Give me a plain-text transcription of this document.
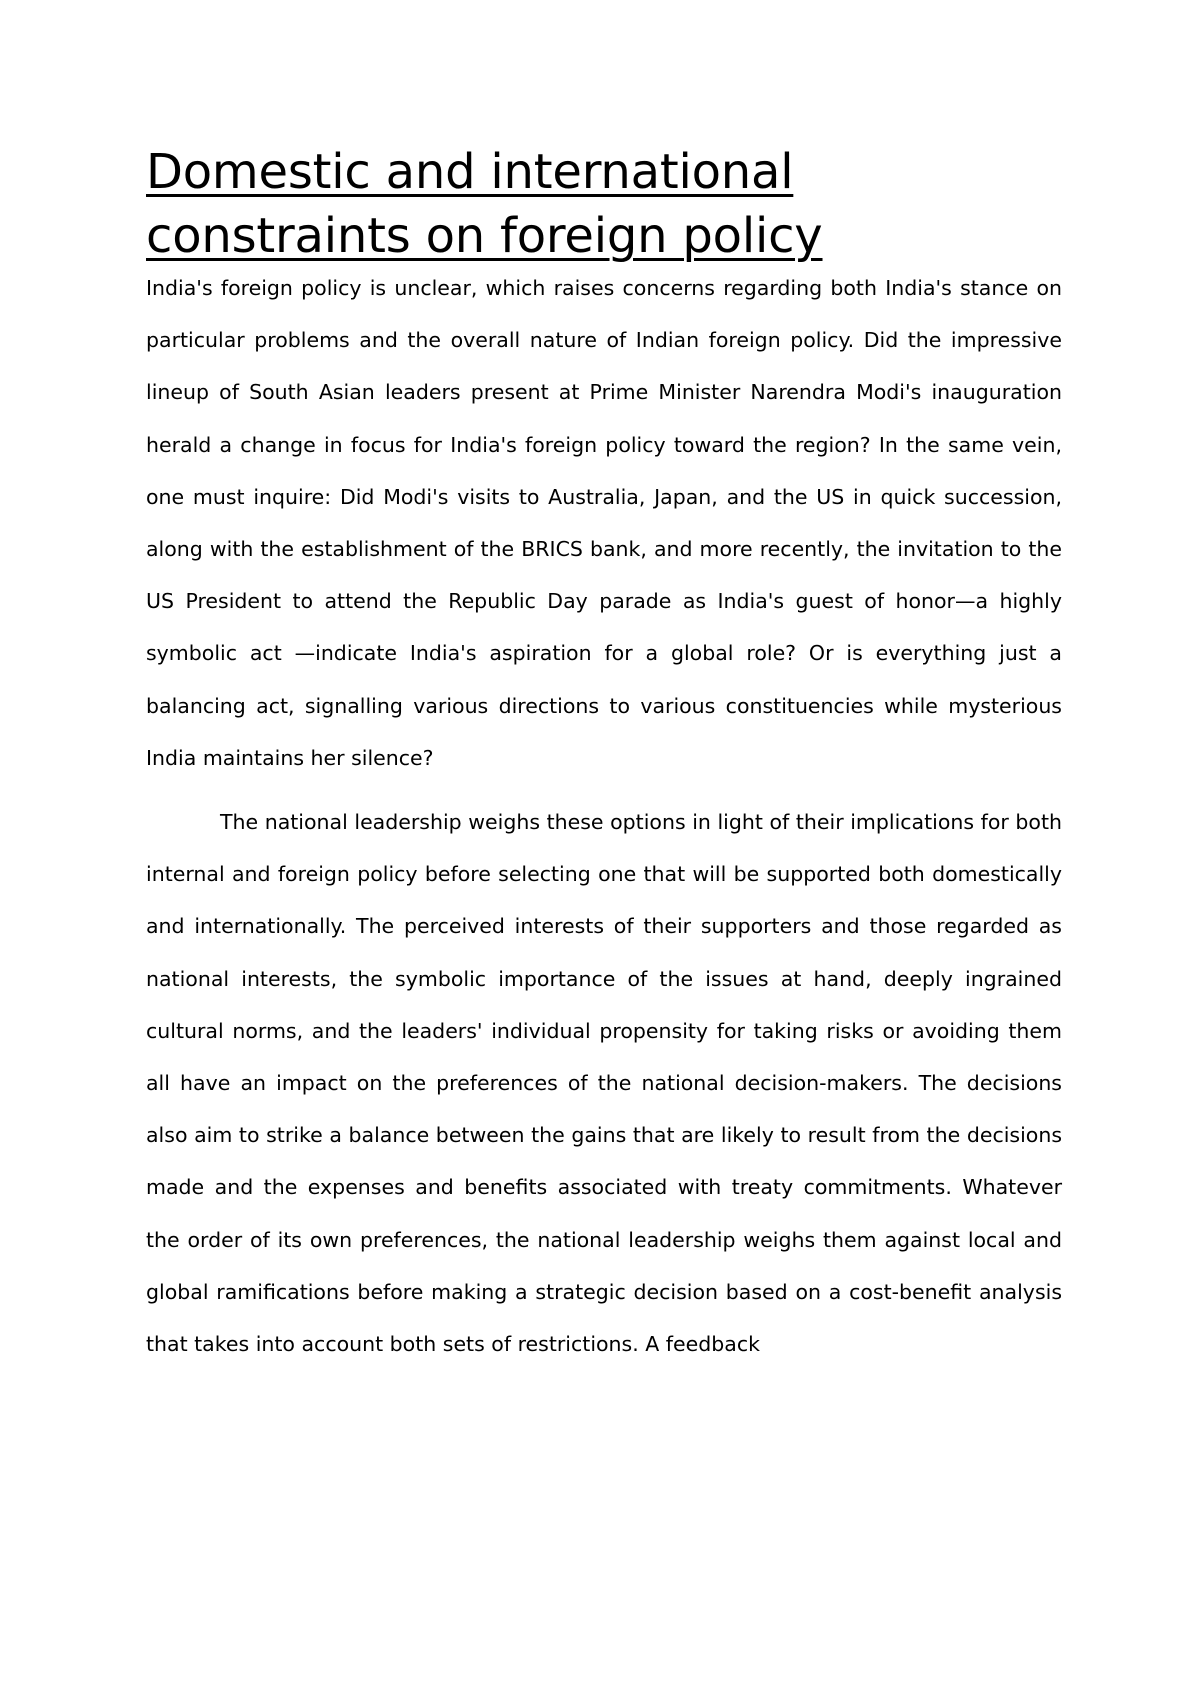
Domestic and international constraints on foreign policy

India's foreign policy is unclear, which raises concerns regarding both India's stance on particular problems and the overall nature of Indian foreign policy. Did the impressive lineup of South Asian leaders present at Prime Minister Narendra Modi's inauguration herald a change in focus for India's foreign policy toward the region? In the same vein, one must inquire: Did Modi's visits to Australia, Japan, and the US in quick succession, along with the establishment of the BRICS bank, and more recently, the invitation to the US President to attend the Republic Day parade as India's guest of honor—a highly symbolic act —indicate India's aspiration for a global role? Or is everything just a balancing act, signalling various directions to various constituencies while mysterious India maintains her silence?

The national leadership weighs these options in light of their implications for both internal and foreign policy before selecting one that will be supported both domestically and internationally. The perceived interests of their supporters and those regarded as national interests, the symbolic importance of the issues at hand, deeply ingrained cultural norms, and the leaders' individual propensity for taking risks or avoiding them all have an impact on the preferences of the national decision-makers. The decisions also aim to strike a balance between the gains that are likely to result from the decisions made and the expenses and benefits associated with treaty commitments. Whatever the order of its own preferences, the national leadership weighs them against local and global ramifications before making a strategic decision based on a cost-benefit analysis that takes into account both sets of restrictions. A feedback
